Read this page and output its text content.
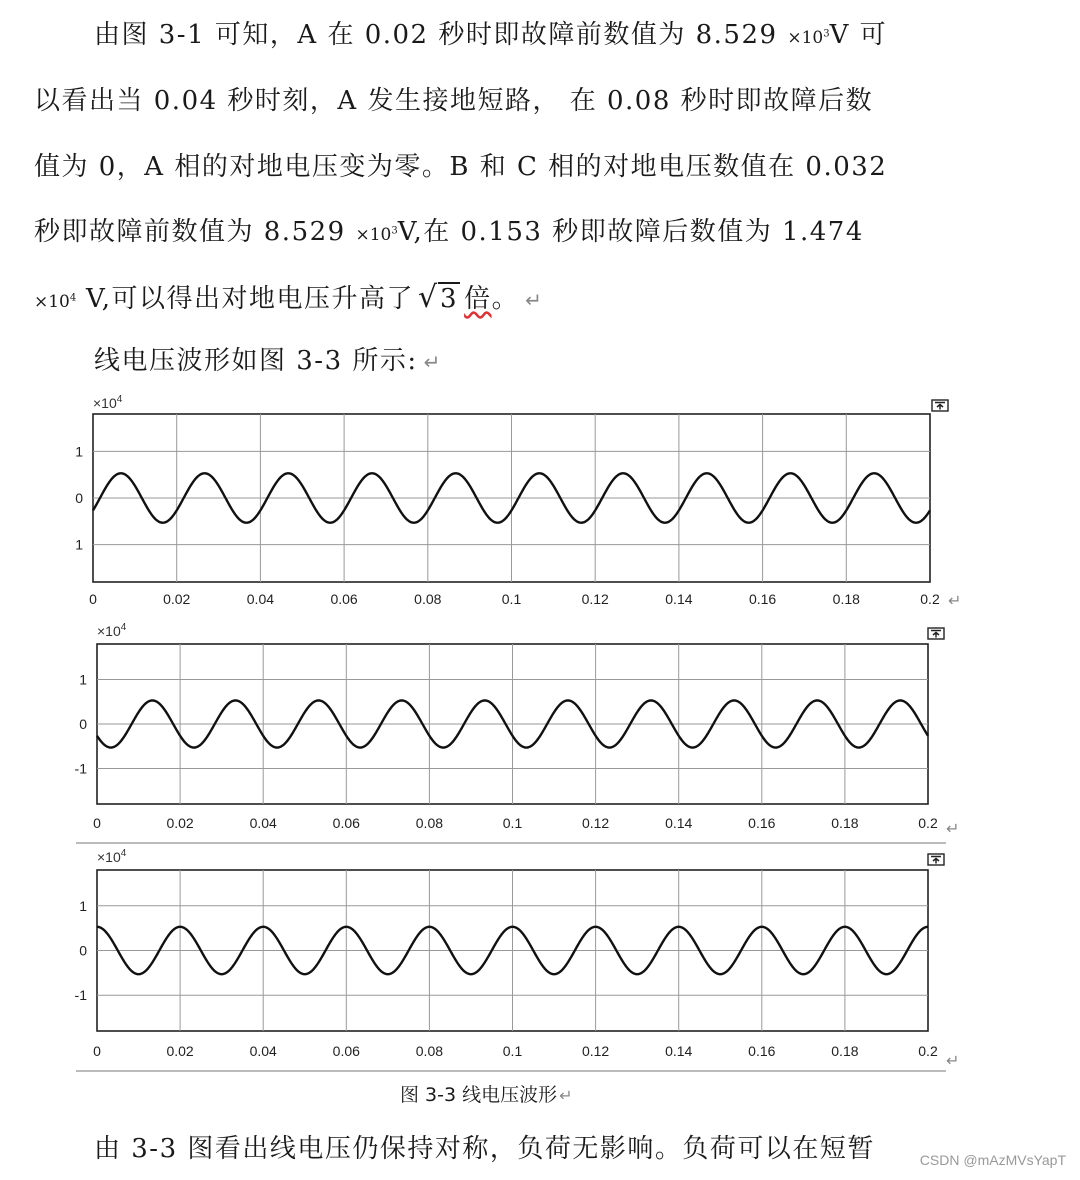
由图 3-1 可知，A 在 0.02 秒时即故障前数值为 $8.529 \times 10^3V$ 可
以看出当 0.04 秒时刻，A 发生接地短路， 在 0.08 秒时即故障后数
值为 0，A 相的对地电压变为零。B 和 C 相的对地电压数值在 0.032
秒即故障前数值为 $8.529 \times 10^3V$,在 0.153 秒即故障后数值为 1.474
$\times 10^4$ V,可以得出对地电压升高了 √ 3 倍。 ↵
线电压波形如图 3-3 所示: ↵
0	0.02	0.04	0.06	0.08	0.1	0.12	0.14	0.16	0.18	0.2
1
0
1
$\times 10^4$
↵
0	0.02	0.04	0.06	0.08	0.1	0.12	0.14	0.16	0.18	0.2
1
0
-1
$\times 10^4$
↵
0	0.02	0.04	0.06	0.08	0.1	0.12	0.14	0.16	0.18	0.2
1
0
-1
$\times 10^4$
↵
图 3-3 线电压波形 ↵
由 3-3 图看出线电压仍保持对称，负荷无影响。负荷可以在短暂	CSDN @mAzMVsYapT
